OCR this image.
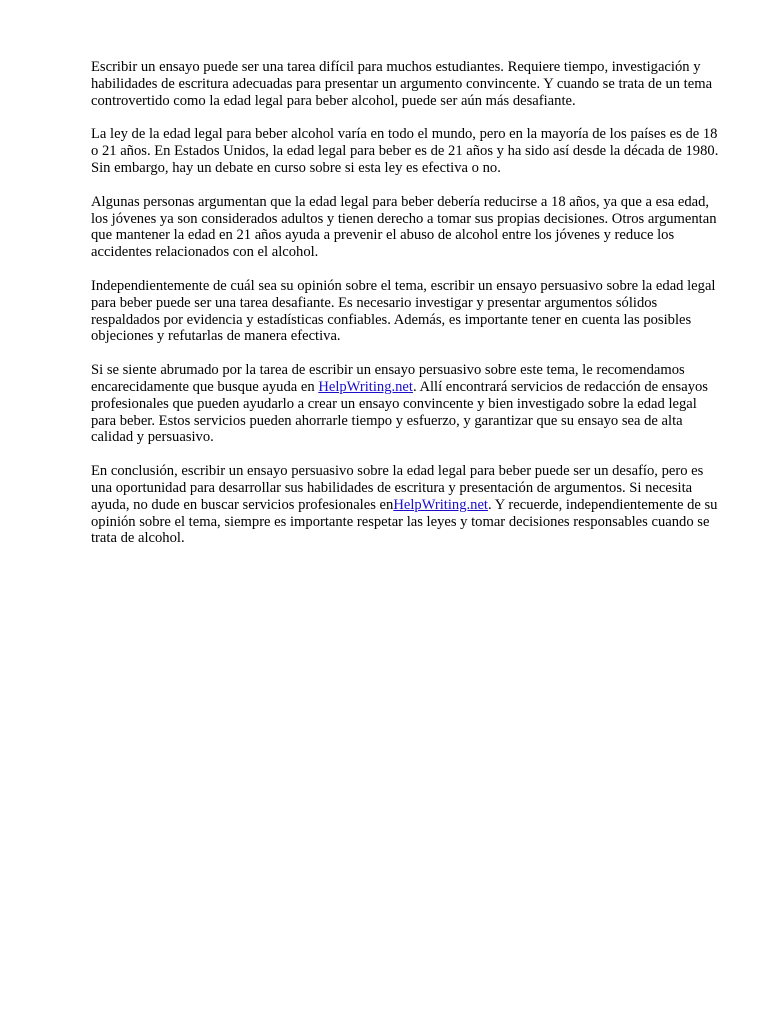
Escribir un ensayo puede ser una tarea difícil para muchos estudiantes. Requiere tiempo, investigación y habilidades de escritura adecuadas para presentar un argumento convincente. Y cuando se trata de un tema controvertido como la edad legal para beber alcohol, puede ser aún más desafiante.

La ley de la edad legal para beber alcohol varía en todo el mundo, pero en la mayoría de los países es de 18 o 21 años. En Estados Unidos, la edad legal para beber es de 21 años y ha sido así desde la década de 1980. Sin embargo, hay un debate en curso sobre si esta ley es efectiva o no.

Algunas personas argumentan que la edad legal para beber debería reducirse a 18 años, ya que a esa edad, los jóvenes ya son considerados adultos y tienen derecho a tomar sus propias decisiones. Otros argumentan que mantener la edad en 21 años ayuda a prevenir el abuso de alcohol entre los jóvenes y reduce los accidentes relacionados con el alcohol.

Independientemente de cuál sea su opinión sobre el tema, escribir un ensayo persuasivo sobre la edad legal para beber puede ser una tarea desafiante. Es necesario investigar y presentar argumentos sólidos respaldados por evidencia y estadísticas confiables. Además, es importante tener en cuenta las posibles objeciones y refutarlas de manera efectiva.

Si se siente abrumado por la tarea de escribir un ensayo persuasivo sobre este tema, le recomendamos encarecidamente que busque ayuda en HelpWriting.net. Allí encontrará servicios de redacción de ensayos profesionales que pueden ayudarlo a crear un ensayo convincente y bien investigado sobre la edad legal para beber. Estos servicios pueden ahorrarle tiempo y esfuerzo, y garantizar que su ensayo sea de alta calidad y persuasivo.

En conclusión, escribir un ensayo persuasivo sobre la edad legal para beber puede ser un desafío, pero es una oportunidad para desarrollar sus habilidades de escritura y presentación de argumentos. Si necesita ayuda, no dude en buscar servicios profesionales enHelpWriting.net. Y recuerde, independientemente de su opinión sobre el tema, siempre es importante respetar las leyes y tomar decisiones responsables cuando se trata de alcohol.
